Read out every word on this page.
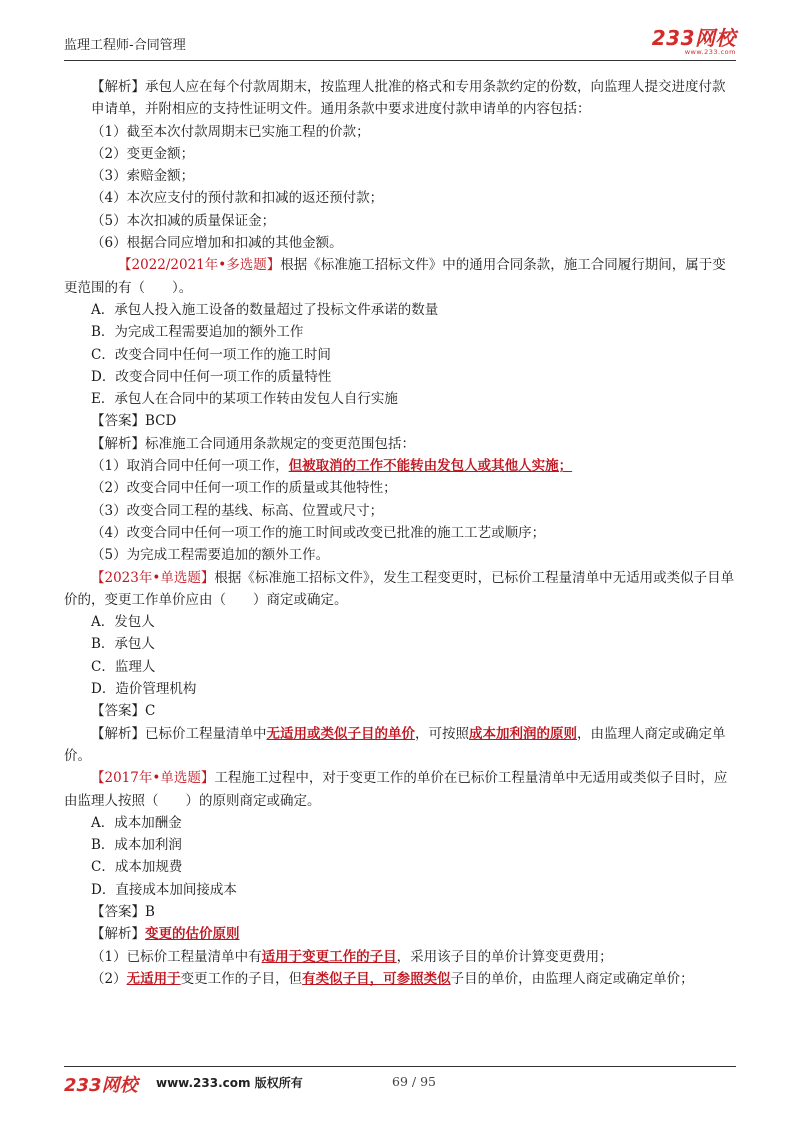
监理工程师-合同管理	233网校
www.233.com

【解析】承包人应在每个付款周期末，按监理人批准的格式和专用条款约定的份数，向监理人提交进度付款申请单，并附相应的支持性证明文件。通用条款中要求进度付款申请单的内容包括：

（1）截至本次付款周期末已实施工程的价款；

（2）变更金额；

（3）索赔金额；

（4）本次应支付的预付款和扣减的返还预付款；

（5）本次扣减的质量保证金；

（6）根据合同应增加和扣减的其他金额。

【2022/2021年•多选题】根据《标准施工招标文件》中的通用合同条款，施工合同履行期间，属于变更范围的有（　　）。

A．承包人投入施工设备的数量超过了投标文件承诺的数量

B．为完成工程需要追加的额外工作

C．改变合同中任何一项工作的施工时间

D．改变合同中任何一项工作的质量特性

E．承包人在合同中的某项工作转由发包人自行实施

【答案】BCD

【解析】标准施工合同通用条款规定的变更范围包括：

（1）取消合同中任何一项工作，但被取消的工作不能转由发包人或其他人实施；

（2）改变合同中任何一项工作的质量或其他特性；

（3）改变合同工程的基线、标高、位置或尺寸；

（4）改变合同中任何一项工作的施工时间或改变已批准的施工工艺或顺序；

（5）为完成工程需要追加的额外工作。

【2023年•单选题】根据《标准施工招标文件》，发生工程变更时，已标价工程量清单中无适用或类似子目单价的，变更工作单价应由（　　）商定或确定。

A．发包人

B．承包人

C．监理人

D．造价管理机构

【答案】C

【解析】已标价工程量清单中无适用或类似子目的单价，可按照成本加利润的原则，由监理人商定或确定单价。

【2017年•单选题】工程施工过程中，对于变更工作的单价在已标价工程量清单中无适用或类似子目时，应由监理人按照（　　）的原则商定或确定。

A．成本加酬金

B．成本加利润

C．成本加规费

D．直接成本加间接成本

【答案】B

【解析】变更的估价原则

（1）已标价工程量清单中有适用于变更工作的子目，采用该子目的单价计算变更费用；

（2）无适用于变更工作的子目，但有类似子目，可参照类似子目的单价，由监理人商定或确定单价；

233网校 www.233.com 版权所有	69 / 95
